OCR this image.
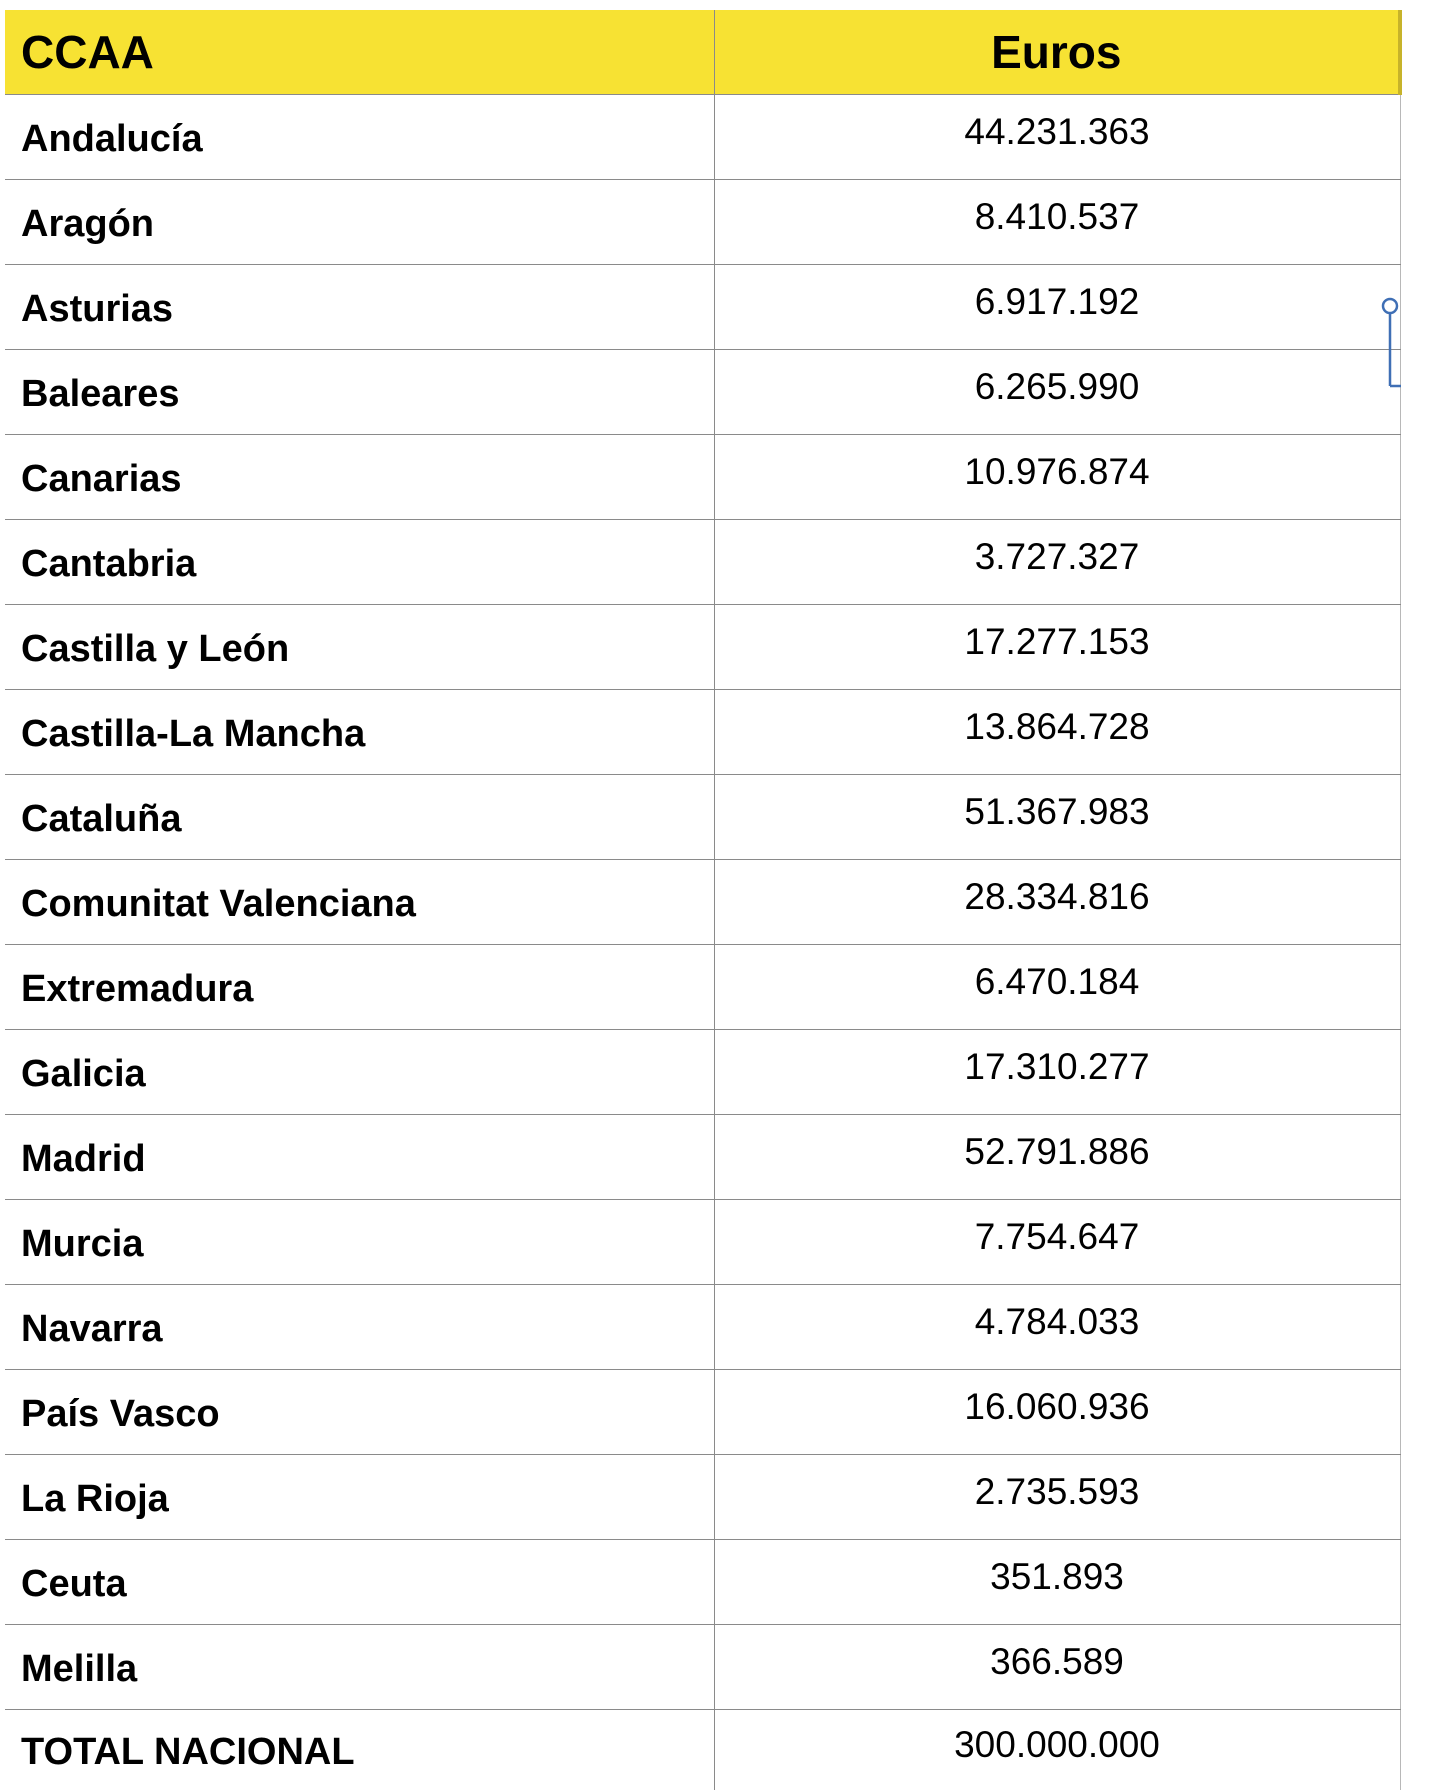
CCAA	Euros
Andalucía	44.231.363
Aragón	8.410.537
Asturias	6.917.192
Baleares	6.265.990
Canarias	10.976.874
Cantabria	3.727.327
Castilla y León	17.277.153
Castilla-La Mancha	13.864.728
Cataluña	51.367.983
Comunitat Valenciana	28.334.816
Extremadura	6.470.184
Galicia	17.310.277
Madrid	52.791.886
Murcia	7.754.647
Navarra	4.784.033
País Vasco	16.060.936
La Rioja	2.735.593
Ceuta	351.893
Melilla	366.589
TOTAL NACIONAL	300.000.000
